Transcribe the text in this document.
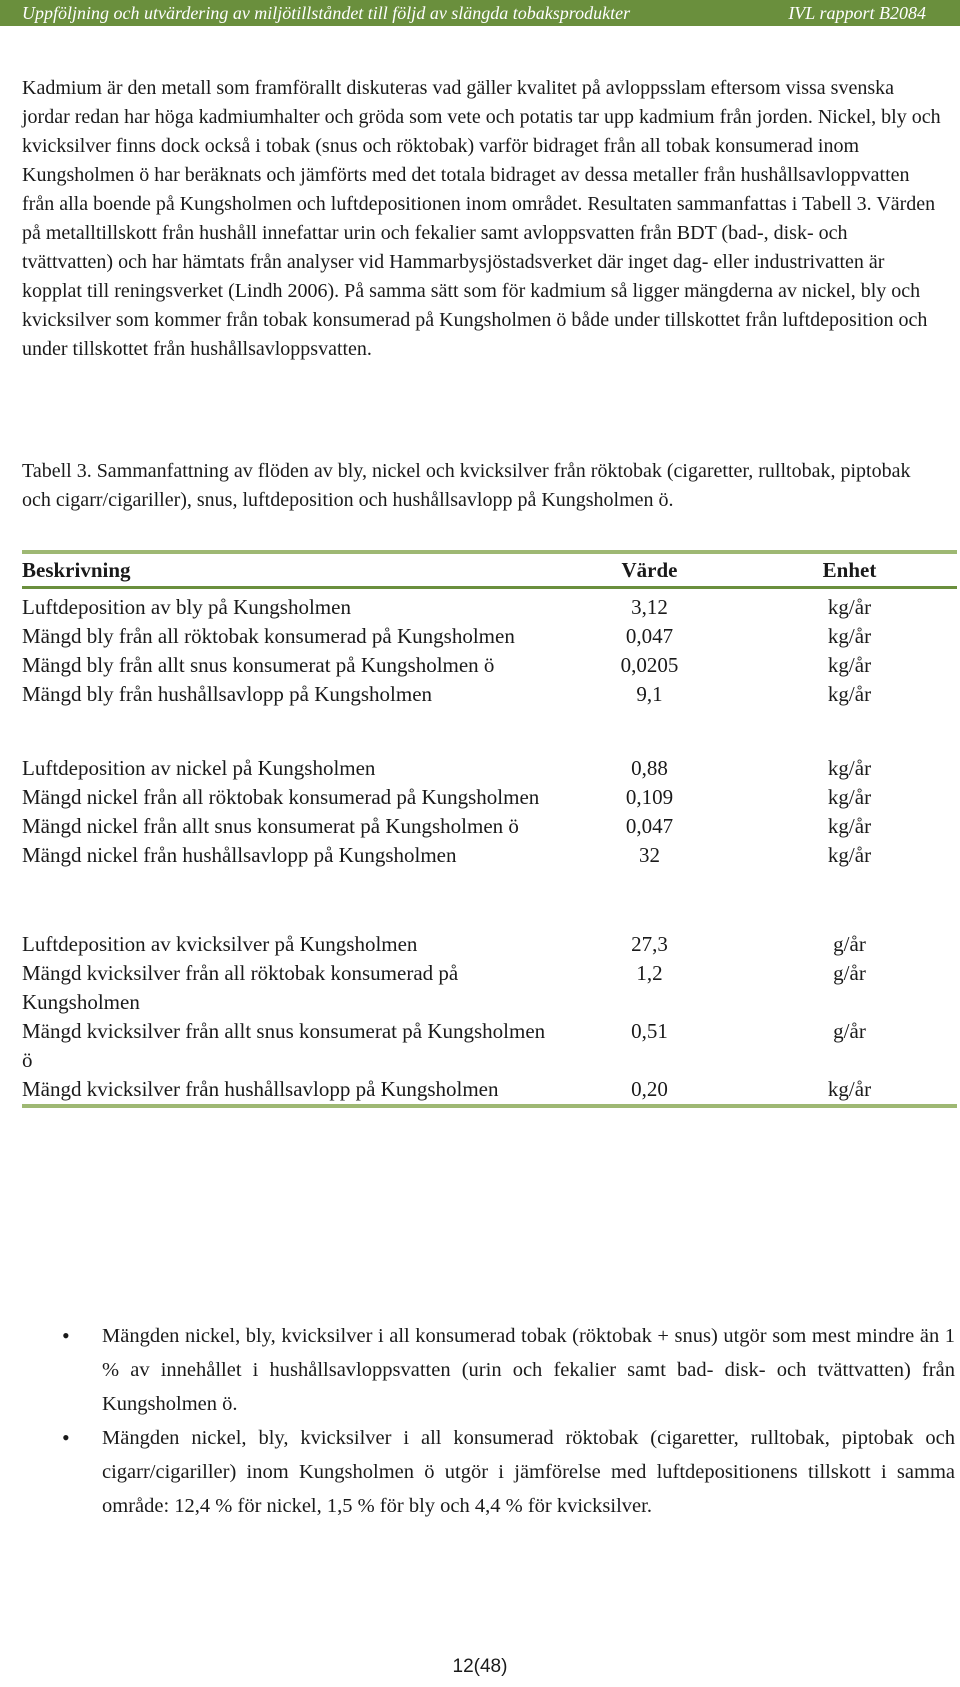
Uppföljning och utvärdering av miljötillståndet till följd av slängda tobaksprodukter	IVL rapport B2084

Kadmium är den metall som framförallt diskuteras vad gäller kvalitet på avloppsslam eftersom vissa svenska jordar redan har höga kadmiumhalter och gröda som vete och potatis tar upp kadmium från jorden. Nickel, bly och kvicksilver finns dock också i tobak (snus och röktobak) varför bidraget från all tobak konsumerad inom Kungsholmen ö har beräknats och jämförts med det totala bidraget av dessa metaller från hushållsavloppvatten från alla boende på Kungsholmen och luftdepositionen inom området. Resultaten sammanfattas i Tabell 3. Värden på metalltillskott från hushåll innefattar urin och fekalier samt avloppsvatten från BDT (bad-, disk- och tvättvatten) och har hämtats från analyser vid Hammarbysjöstadsverket där inget dag- eller industrivatten är kopplat till reningsverket (Lindh 2006). På samma sätt som för kadmium så ligger mängderna av nickel, bly och kvicksilver som kommer från tobak konsumerad på Kungsholmen ö både under tillskottet från luftdeposition och under tillskottet från hushållsavloppsvatten.

Tabell 3. Sammanfattning av flöden av bly, nickel och kvicksilver från röktobak (cigaretter, rulltobak, piptobak och cigarr/cigariller), snus, luftdeposition och hushållsavlopp på Kungsholmen ö.

Beskrivning	Värde	Enhet
Luftdeposition av bly på Kungsholmen	3,12	kg/år
Mängd bly från all röktobak konsumerad på Kungsholmen	0,047	kg/år
Mängd bly från allt snus konsumerat på Kungsholmen ö	0,0205	kg/år
Mängd bly från hushållsavlopp på Kungsholmen	9,1	kg/år

Luftdeposition av nickel på Kungsholmen	0,88	kg/år
Mängd nickel från all röktobak konsumerad på Kungsholmen	0,109	kg/år
Mängd nickel från allt snus konsumerat på Kungsholmen ö	0,047	kg/år
Mängd nickel från hushållsavlopp på Kungsholmen	32	kg/år

Luftdeposition av kvicksilver på Kungsholmen	27,3	g/år
Mängd kvicksilver från all röktobak konsumerad på Kungsholmen	1,2	g/år
Mängd kvicksilver från allt snus konsumerat på Kungsholmen ö	0,51	g/år
Mängd kvicksilver från hushållsavlopp på Kungsholmen	0,20	kg/år
• Mängden nickel, bly, kvicksilver i all konsumerad tobak (röktobak + snus) utgör som mest mindre än 1 % av innehållet i hushållsavloppsvatten (urin och fekalier samt bad- disk- och tvättvatten) från Kungsholmen ö.
• Mängden nickel, bly, kvicksilver i all konsumerad röktobak (cigaretter, rulltobak, piptobak och cigarr/cigariller) inom Kungsholmen ö utgör i jämförelse med luftdepositionens tillskott i samma område: 12,4 % för nickel, 1,5 % för bly och 4,4 % för kvicksilver.
12(48)
